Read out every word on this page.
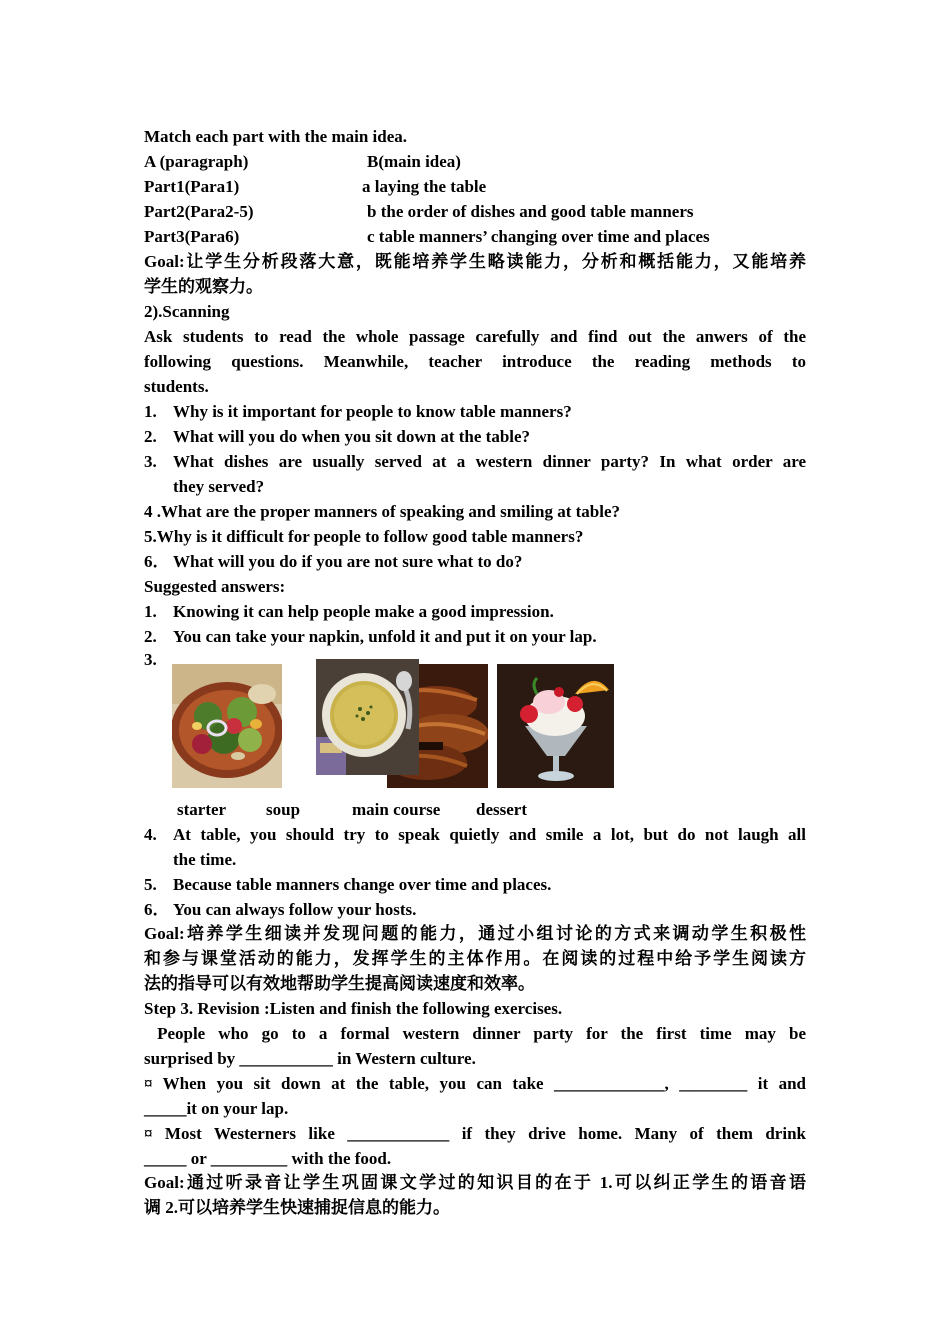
Match each part with the main idea.
A (paragraph)	B(main idea)
Part1(Para1)	a laying the table
Part2(Para2-5)	b the order of dishes and good table manners
Part3(Para6)	c table manners’ changing over time and places
Goal:让学生分析段落大意，既能培养学生略读能力，分析和概括能力，又能培养
学生的观察力。
2).Scanning
Ask students to read the whole passage carefully and find out the anwers of the
following questions. Meanwhile, teacher introduce the reading methods to
students.
1. Why is it important for people to know table manners?
2. What will you do when you sit down at the table?
3. What dishes are usually served at a western dinner party? In what order are
they served?
4 .What are the proper manners of speaking and smiling at table?
5.Why is it difficult for people to follow good table manners?
6． What will you do if you are not sure what to do?
Suggested answers:
1. Knowing it can help people make a good impression.
2. You can take your napkin, unfold it and put it on your lap.
3.
starter soup	main course dessert
4. At table, you should try to speak quietly and smile a lot, but do not laugh all
the time.
5. Because table manners change over time and places.
6． You can always follow your hosts.
Goal:培养学生细读并发现问题的能力，通过小组讨论的方式来调动学生积极性
和参与课堂活动的能力，发挥学生的主体作用。在阅读的过程中给予学生阅读方
法的指导可以有效地帮助学生提高阅读速度和效率。
Step 3. Revision :Listen and finish the following exercises.
People who go to a formal western dinner party for the first time may be
surprised by ___________ in Western culture.
¤ When you sit down at the table, you can take _____________, ________ it and
_____it on your lap.
¤ Most Westerners like ____________ if they drive home. Many of them drink
_____ or _________ with the food.
Goal:通过听录音让学生巩固课文学过的知识目的在于 1.可以纠正学生的语音语
调 2.可以培养学生快速捕捉信息的能力。
